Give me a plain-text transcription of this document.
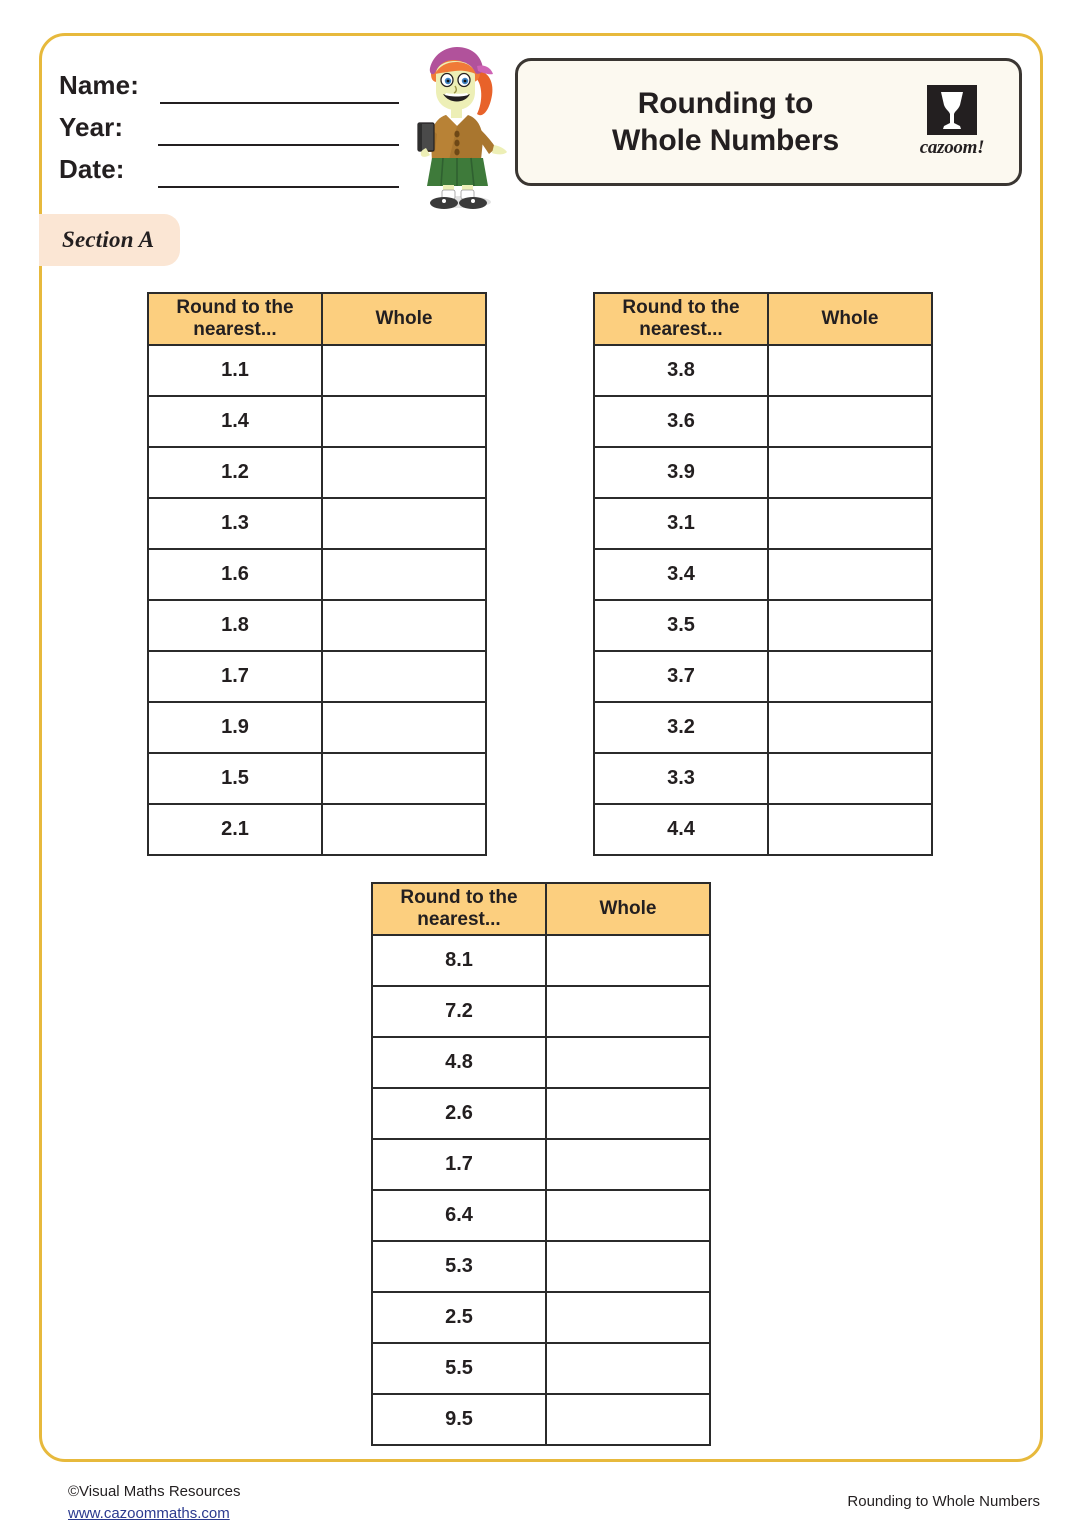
Name:
Year:
Date:
Rounding to
Whole Numbers	cazoom!
Section A
Round to the nearest...	Whole
1.1	
1.4	
1.2	
1.3	
1.6	
1.8	
1.7	
1.9	
1.5	
2.1	
Round to the nearest...	Whole
3.8	
3.6	
3.9	
3.1	
3.4	
3.5	
3.7	
3.2	
3.3	
4.4	
Round to the nearest...	Whole
8.1	
7.2	
4.8	
2.6	
1.7	
6.4	
5.3	
2.5	
5.5	
9.5	
©Visual Maths Resources
www.cazoommaths.com
Rounding to Whole Numbers
